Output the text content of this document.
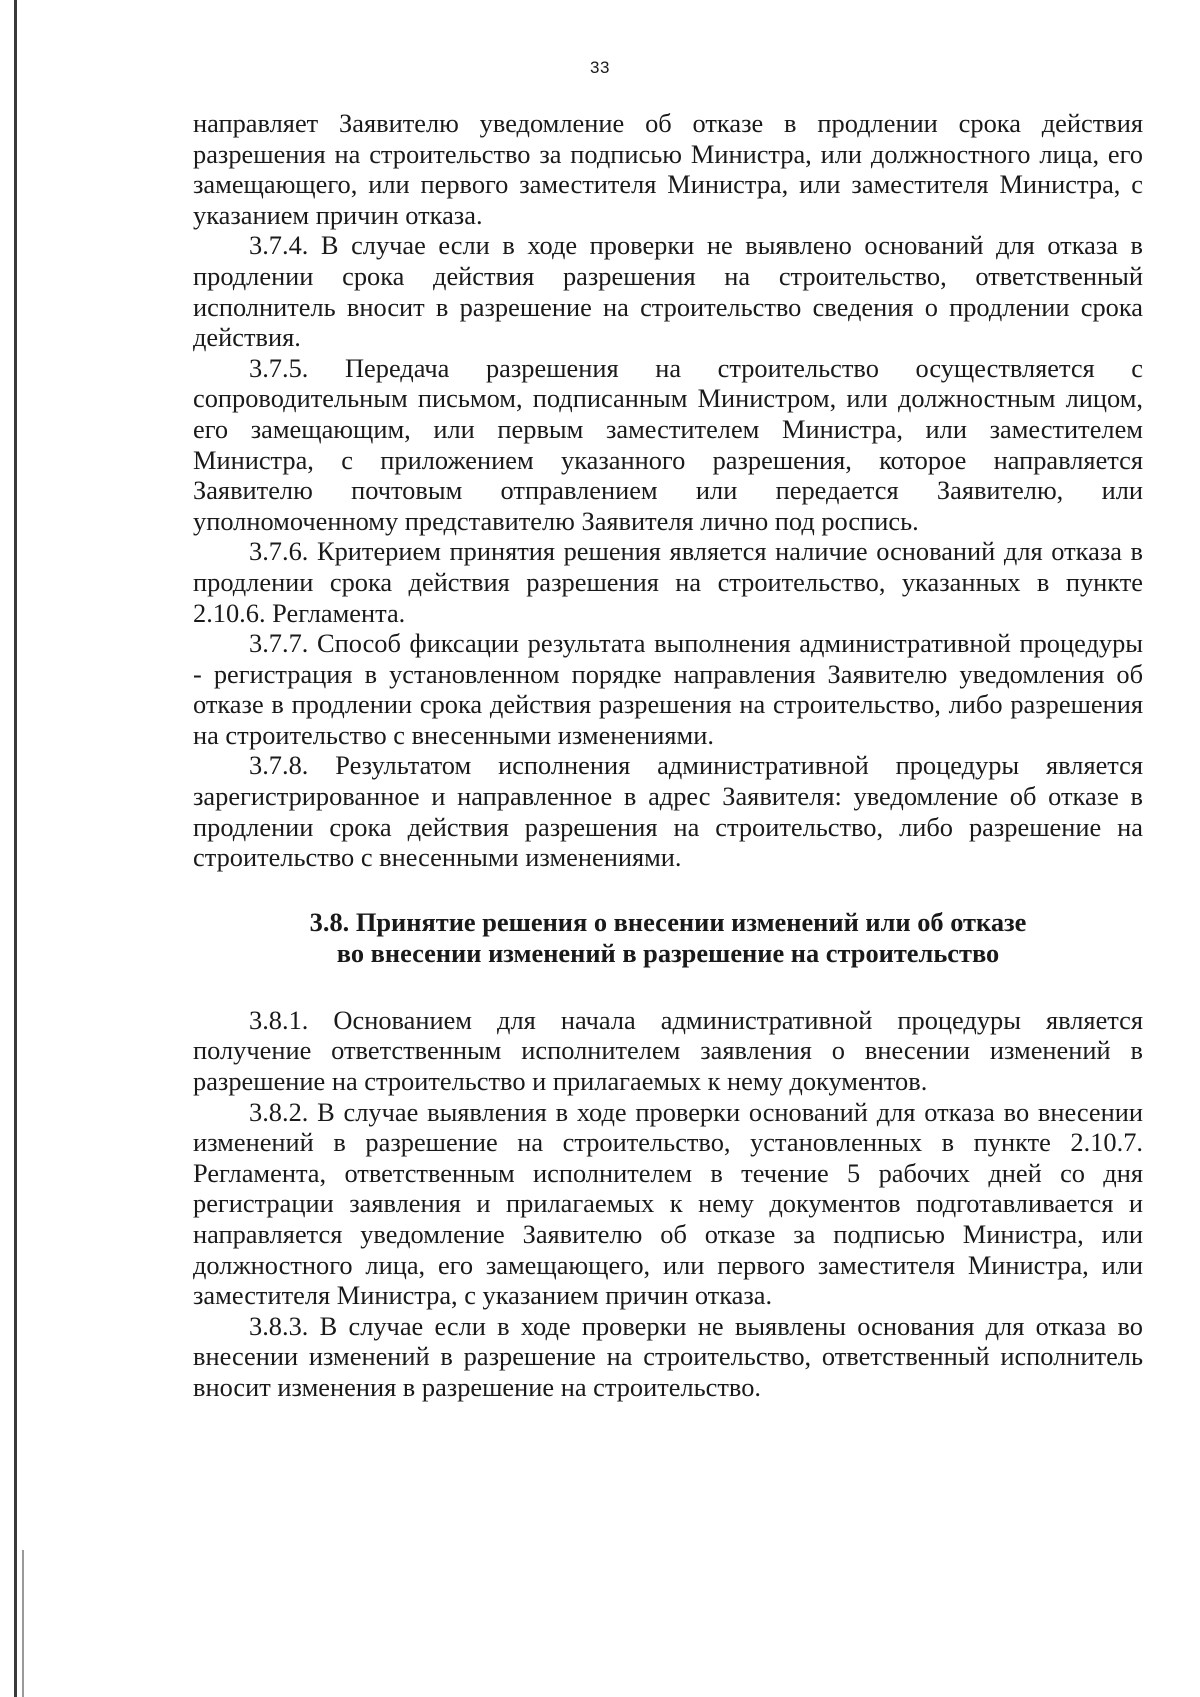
33

направляет Заявителю уведомление об отказе в продлении срока действия разрешения на строительство за подписью Министра, или должностного лица, его замещающего, или первого заместителя Министра, или заместителя Министра, с указанием причин отказа.

3.7.4. В случае если в ходе проверки не выявлено оснований для отказа в продлении срока действия разрешения на строительство, ответственный исполнитель вносит в разрешение на строительство сведения о продлении срока действия.

3.7.5. Передача разрешения на строительство осуществляется с сопроводительным письмом, подписанным Министром, или должностным лицом, его замещающим, или первым заместителем Министра, или заместителем Министра, с приложением указанного разрешения, которое направляется Заявителю почтовым отправлением или передается Заявителю, или уполномоченному представителю Заявителя лично под роспись.

3.7.6. Критерием принятия решения является наличие оснований для отказа в продлении срока действия разрешения на строительство, указанных в пункте 2.10.6. Регламента.

3.7.7. Способ фиксации результата выполнения административной процедуры - регистрация в установленном порядке направления Заявителю уведомления об отказе в продлении срока действия разрешения на строительство, либо разрешения на строительство с внесенными изменениями.

3.7.8. Результатом исполнения административной процедуры является зарегистрированное и направленное в адрес Заявителя: уведомление об отказе в продлении срока действия разрешения на строительство, либо разрешение на строительство с внесенными изменениями.

3.8. Принятие решения о внесении изменений или об отказе
во внесении изменений в разрешение на строительство

3.8.1. Основанием для начала административной процедуры является получение ответственным исполнителем заявления о внесении изменений в разрешение на строительство и прилагаемых к нему документов.

3.8.2. В случае выявления в ходе проверки оснований для отказа во внесении изменений в разрешение на строительство, установленных в пункте 2.10.7. Регламента, ответственным исполнителем в течение 5 рабочих дней со дня регистрации заявления и прилагаемых к нему документов подготавливается и направляется уведомление Заявителю об отказе за подписью Министра, или должностного лица, его замещающего, или первого заместителя Министра, или заместителя Министра, с указанием причин отказа.

3.8.3. В случае если в ходе проверки не выявлены основания для отказа во внесении изменений в разрешение на строительство, ответственный исполнитель вносит изменения в разрешение на строительство.
